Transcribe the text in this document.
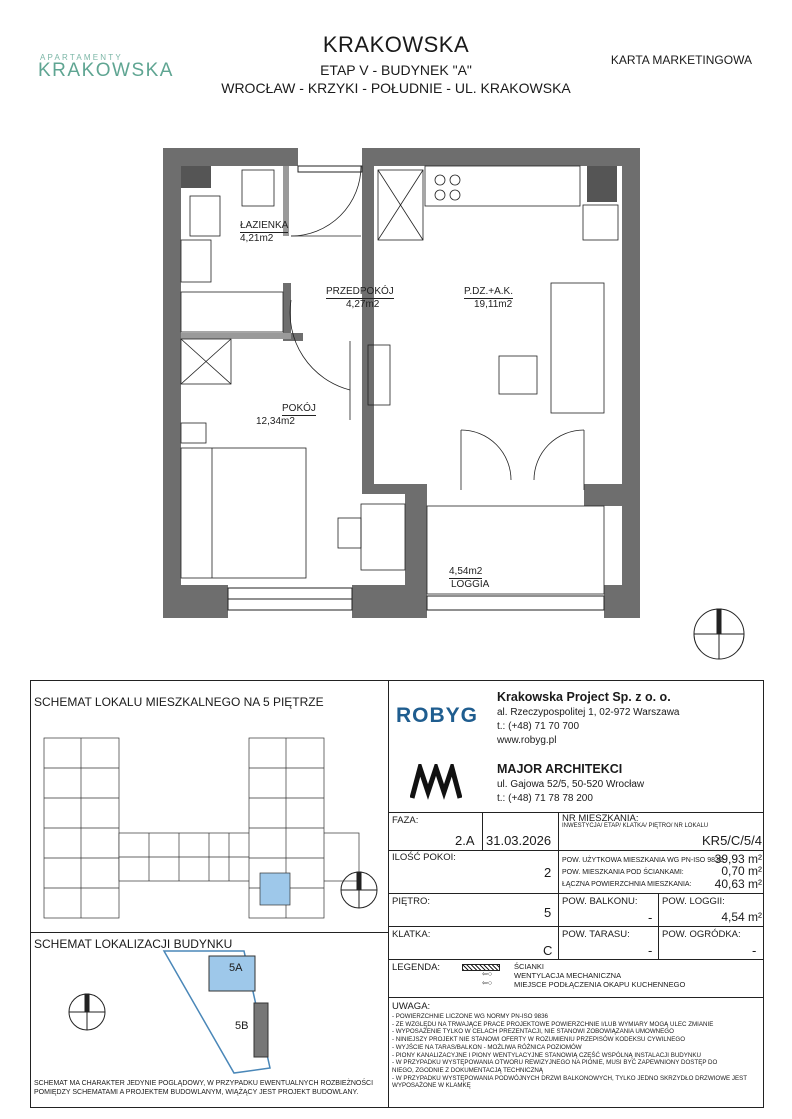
APARTAMENTY
KRAKOWSKA
KRAKOWSKA
ETAP V - BUDYNEK "A"
WROCŁAW - KRZYKI - POŁUDNIE - UL. KRAKOWSKA
KARTA MARKETINGOWA
ŁAZIENKA
4,21m2
PRZEDPOKÓJ
4,27m2
P.DZ.+A.K.
19,11m2
POKÓJ
12,34m2
4,54m2
LOGGIA
SCHEMAT LOKALU MIESZKALNEGO NA 5 PIĘTRZE
SCHEMAT LOKALIZACJI BUDYNKU
5A
5B
SCHEMAT MA CHARAKTER JEDYNIE POGLĄDOWY, W PRZYPADKU EWENTUALNYCH ROZBIEŻNOŚCI POMIĘDZY SCHEMATAMI A PROJEKTEM BUDOWLANYM, WIĄŻĄCY JEST PROJEKT BUDOWLANY.
ROBYG
Krakowska Project Sp. z o. o.
al. Rzeczypospolitej 1, 02-972 Warszawa
t.: (+48) 71 70 700
www.robyg.pl
MAJOR ARCHITEKCI
ul. Gajowa 52/5, 50-520 Wrocław
t.: (+48) 71 78 78 200
FAZA:
2.A 31.03.2026
NR MIESZKANIA:
INWESTYCJA/ ETAP/ KLATKA/ PIĘTRO/ NR LOKALU
KR5/C/5/4
ILOŚĆ POKOI:
2
POW. UŻYTKOWA MIESZKANIA WG PN-ISO 9836:
39,93 m²
POW. MIESZKANIA POD ŚCIANKAMI:	0,70 m²
ŁĄCZNA POWIERZCHNIA MIESZKANIA: 40,63 m²
PIĘTRO:
5
POW. BALKONU:
-
POW. LOGGII:
4,54 m²
KLATKA:
C
POW. TARASU:
-
POW. OGRÓDKA:
-
LEGENDA:	ŚCIANKI
⇦○	WENTYLACJA MECHANICZNA
⇦○	MIEJSCE PODŁĄCZENIA OKAPU KUCHENNEGO
UWAGA:
- POWIERZCHNIE LICZONE WG NORMY PN-ISO 9836
- ZE WZGLĘDU NA TRWAJĄCE PRACE PROJEKTOWE POWIERZCHNIE I/LUB WYMIARY MOGĄ ULEC ZMIANIE
- WYPOSAŻENIE TYLKO W CELACH PREZENTACJI, NIE STANOWI ZOBOWIĄZANIA UMOWNEGO
- NINIEJSZY PROJEKT NIE STANOWI OFERTY W ROZUMIENIU PRZEPISÓW KODEKSU CYWILNEGO
- WYJŚCIE NA TARAS/BALKON - MOŻLIWA RÓŻNICA POZIOMÓW
- PIONY KANALIZACYJNE I PIONY WENTYLACYJNE STANOWIĄ CZĘŚĆ WSPÓLNĄ INSTALACJI BUDYNKU
- W PRZYPADKU WYSTĘPOWANIA OTWORU REWIZYJNEGO NA PIONIE, MUSI BYĆ ZAPEWNIONY DOSTĘP DO
NIEGO, ZGODNIE Z DOKUMENTACJĄ TECHNICZNĄ
- W PRZYPADKU WYSTĘPOWANIA PODWÓJNYCH DRZWI BALKONOWYCH, TYLKO JEDNO SKRZYDŁO DRZWIOWE JEST
WYPOSAŻONE W KLAMKĘ
